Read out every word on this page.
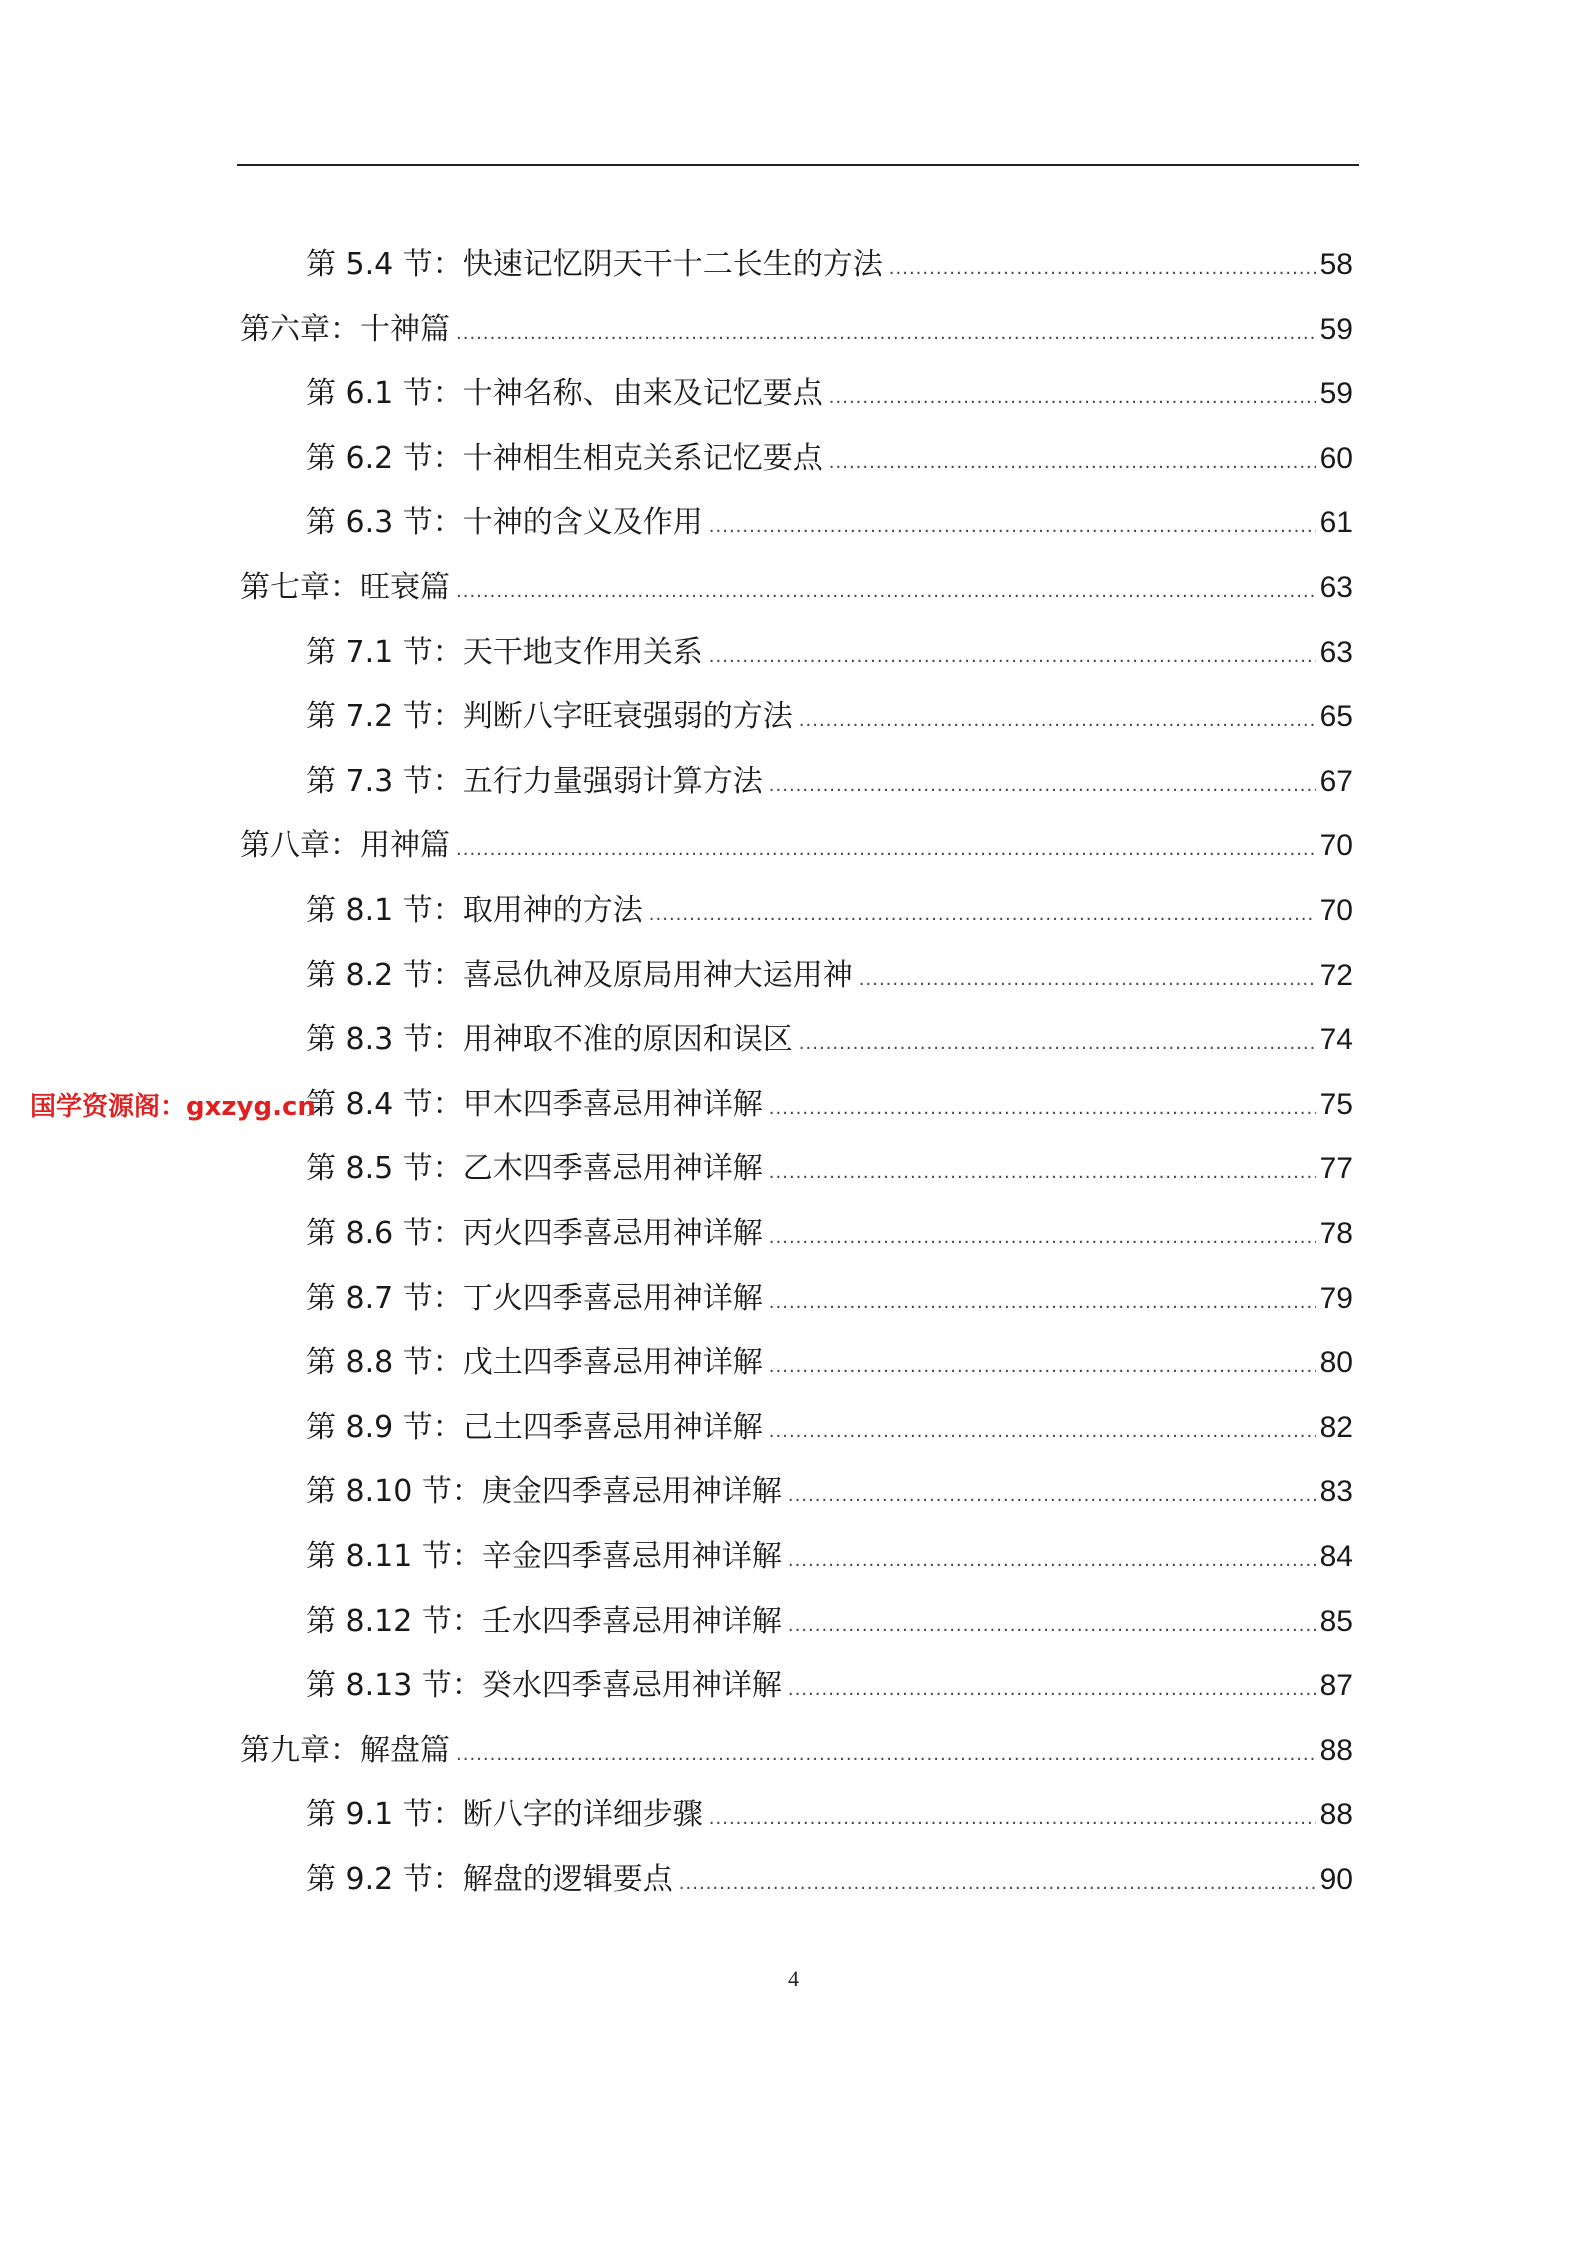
第 5.4 节：快速记忆阴天干十二长生的方法 .....	58
第六章：十神篇 .....	59
第 6.1 节：十神名称、由来及记忆要点 .....	59
第 6.2 节：十神相生相克关系记忆要点 .....	60
第 6.3 节：十神的含义及作用 .....	61
第七章：旺衰篇 .....	63
第 7.1 节：天干地支作用关系 .....	63
第 7.2 节：判断八字旺衰强弱的方法 .....	65
第 7.3 节：五行力量强弱计算方法 .....	67
第八章：用神篇 .....	70
第 8.1 节：取用神的方法 .....	70
第 8.2 节：喜忌仇神及原局用神大运用神 .....	72
第 8.3 节：用神取不准的原因和误区 .....	74
第 8.4 节：甲木四季喜忌用神详解 .....	75
第 8.5 节：乙木四季喜忌用神详解 .....	77
第 8.6 节：丙火四季喜忌用神详解 .....	78
第 8.7 节：丁火四季喜忌用神详解 .....	79
第 8.8 节：戊土四季喜忌用神详解 .....	80
第 8.9 节：己土四季喜忌用神详解 .....	82
第 8.10 节：庚金四季喜忌用神详解 .....	83
第 8.11 节：辛金四季喜忌用神详解 .....	84
第 8.12 节：壬水四季喜忌用神详解 .....	85
第 8.13 节：癸水四季喜忌用神详解 .....	87
第九章：解盘篇 .....	88
第 9.1 节：断八字的详细步骤 .....	88
第 9.2 节：解盘的逻辑要点 .....	90
国学资源阁：gxzyg.cn
4
